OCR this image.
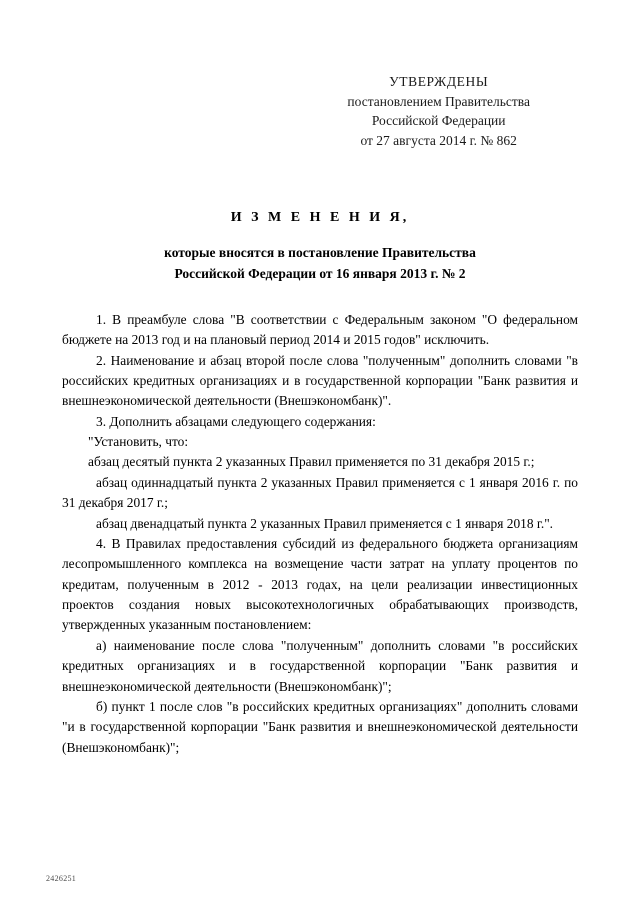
УТВЕРЖДЕНЫ
постановлением Правительства
Российской Федерации
от 27 августа 2014 г. № 862
И З М Е Н Е Н И Я,
которые вносятся в постановление Правительства
Российской Федерации от 16 января 2013 г. № 2

1. В преамбуле слова "В соответствии с Федеральным законом "О федеральном бюджете на 2013 год и на плановый период 2014 и 2015 годов" исключить.

2. Наименование и абзац второй после слова "полученным" дополнить словами "в российских кредитных организациях и в государственной корпорации "Банк развития и внешнеэкономической деятельности (Внешэкономбанк)".

3. Дополнить абзацами следующего содержания:

"Установить, что:

абзац десятый пункта 2 указанных Правил применяется по 31 декабря 2015 г.;

абзац одиннадцатый пункта 2 указанных Правил применяется с 1 января 2016 г. по 31 декабря 2017 г.;

абзац двенадцатый пункта 2 указанных Правил применяется с 1 января 2018 г.".

4. В Правилах предоставления субсидий из федерального бюджета организациям лесопромышленного комплекса на возмещение части затрат на уплату процентов по кредитам, полученным в 2012 - 2013 годах, на цели реализации инвестиционных проектов создания новых высокотехнологичных обрабатывающих производств, утвержденных указанным постановлением:

а) наименование после слова "полученным" дополнить словами "в российских кредитных организациях и в государственной корпорации "Банк развития и внешнеэкономической деятельности (Внешэкономбанк)";

б) пункт 1 после слов "в российских кредитных организациях" дополнить словами "и в государственной корпорации "Банк развития и внешнеэкономической деятельности (Внешэкономбанк)";

2426251
